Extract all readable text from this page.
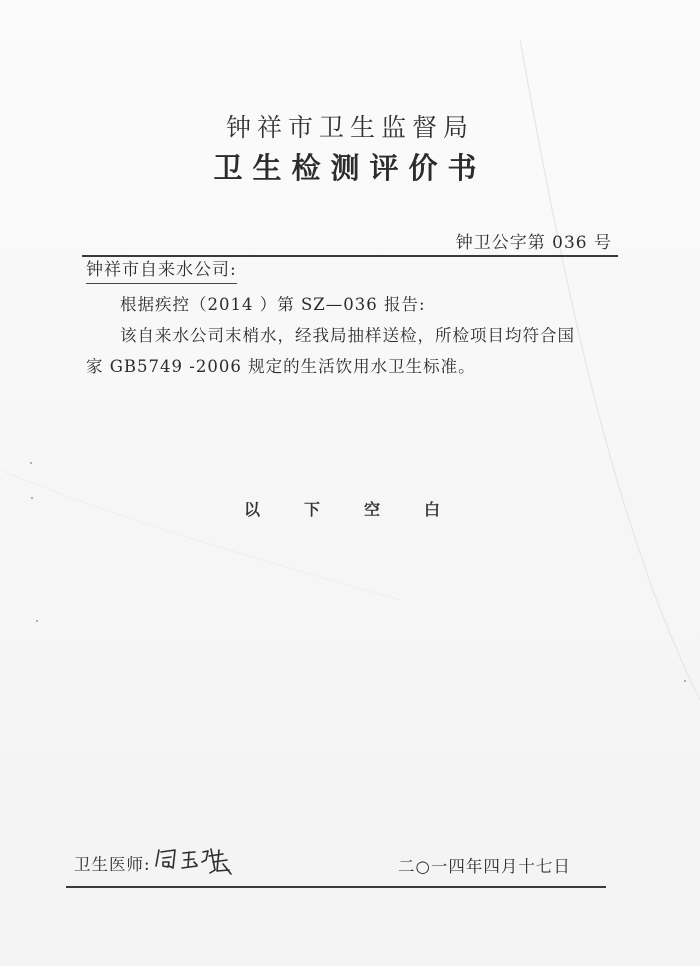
钟祥市卫生监督局
卫生检测评价书
钟卫公字第 036 号
钟祥市自来水公司:
根据疾控（2014 ）第 SZ—036 报告:
该自来水公司末梢水，经我局抽样送检，所检项目均符合国
家 GB5749 -2006 规定的生活饮用水卫生标准。
以下空白
卫生医师:	二○一四年四月十七日
